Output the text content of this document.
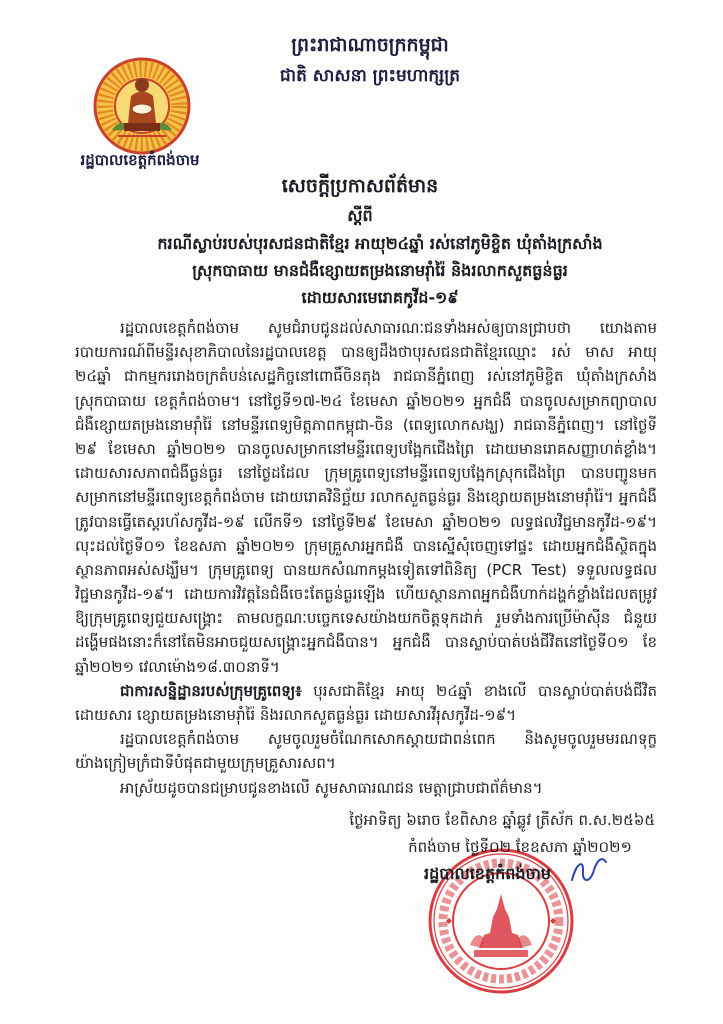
ព្រះរាជាណាចក្រកម្ពុជា
ជាតិ សាសនា ព្រះមហាក្សត្រ
រដ្ឋបាលខេត្តកំពង់ចាម
សេចក្តីប្រកាសព័ត៌មាន
ស្តីពី
ករណីស្លាប់របស់បុរសជនជាតិខ្មែរ អាយុ២៤ឆ្នាំ រស់នៅភូមិខ្ចិត ឃុំតាំងក្រសាំង
ស្រុកបាធាយ មានជំងឺខ្សោយតម្រងនោមរ៉ាំរ៉ៃ និងរលាកសួតធ្ងន់ធ្ងរ
ដោយសារមេរោគកូវីដ-១៩
រដ្ឋបាលខេត្តកំពង់ចាម សូមជំរាបជូនដល់សាធារណៈជនទាំងអស់ឲ្យបានជ្រាបថា យោងតាម
របាយការណ៍ពីមន្ទីរសុខាភិបាលនៃរដ្ឋបាលខេត្ត បានឲ្យដឹងថាបុរសជនជាតិខ្មែរឈ្មោះ រស់ មាស អាយុ
២៤ឆ្នាំ ជាកម្មកររោងចក្រតំបន់សេដ្ឋកិច្ចនៅពោធិ៍ចិនតុង រាជធានីភ្នំពេញ រស់នៅភូមិខ្ចិត ឃុំតាំងក្រសាំង
ស្រុកបាធាយ ខេត្តកំពង់ចាម។ នៅថ្ងៃទី១៧-២៤ ខែមេសា ឆ្នាំ២០២១ អ្នកជំងឺ បានចូលសម្រាកព្យាបាល
ជំងឺខ្សោយតម្រងនោមរ៉ាំរ៉ៃ នៅមន្ទីរពេទ្យមិត្តភាពកម្ពុជា-ចិន (ពេទ្យលោកសង្ឃ) រាជធានីភ្នំពេញ។ នៅថ្ងៃទី
២៩ ខែមេសា ឆ្នាំ២០២១ បានចូលសម្រាកនៅមន្ទីរពេទ្យបង្អែកជើងព្រៃ ដោយមានរោគសញ្ញាហត់ខ្លាំង។
ដោយសារសភាពជំងឺធ្ងន់ធ្ងរ នៅថ្ងៃដដែល ក្រុមគ្រូពេទ្យនៅមន្ទីរពេទ្យបង្អែកស្រុកជើងព្រៃ បានបញ្ជូនមក
សម្រាកនៅមន្ទីរពេទ្យខេត្តកំពង់ចាម ដោយរោគវិនិច្ឆ័យ រលាកសួតធ្ងន់ធ្ងរ និងខ្សោយតម្រងនោមរ៉ាំរ៉ៃ។ អ្នកជំងឺ
ត្រូវបានធ្វើតេស្តរហ័សកូវីដ-១៩ លើកទី១ នៅថ្ងៃទី២៩ ខែមេសា ឆ្នាំ២០២១ លទ្ធផលវិជ្ជមានកូវីដ-១៩។
លុះដល់ថ្ងៃទី០១ ខែឧសភា ឆ្នាំ២០២១ ក្រុមគ្រួសារអ្នកជំងឺ បានស្នើសុំចេញទៅផ្ទះ ដោយអ្នកជំងឺស្ថិតក្នុង
ស្ថានភាពអស់សង្ឃឹម។ ក្រុមគ្រូពេទ្យ បានយកសំណាកម្តងទៀតទៅពិនិត្យ (PCR Test) ទទួលលទ្ធផល
វិជ្ជមានកូវីដ-១៩។ ដោយការវិវត្តនៃជំងឺចេះតែធ្ងន់ធ្ងរឡើង ហើយស្ថានភាពអ្នកជំងឺហាក់ដង្ហក់ខ្លាំងដែលតម្រូវ
ឱ្យក្រុមគ្រូពេទ្យជួយសង្គ្រោះ តាមលក្ខណៈបច្ចេកទេសយ៉ាងយកចិត្តទុកដាក់ រួមទាំងការប្រើម៉ាស៊ីន ជំនួយ
ដង្ហើមផងនោះក៏នៅតែមិនអាចជួយសង្គ្រោះអ្នកជំងឺបាន។ អ្នកជំងឺ បានស្លាប់បាត់បង់ជីវិតនៅថ្ងៃទី០១ ខែ
ឆ្នាំ២០២១ វេលាម៉ោង១៨.៣០នាទី។
ជាការសន្និដ្ឋានរបស់ក្រុមគ្រូពេទ្យ៖ បុរសជាតិខ្មែរ អាយុ ២៤ឆ្នាំ ខាងលើ បានស្លាប់បាត់បង់ជីវិត
ដោយសារ ខ្សោយតម្រងនោមរ៉ាំរ៉ៃ និងរលាកសួតធ្ងន់ធ្ងរ ដោយសារវីរុសកូវីដ-១៩។
រដ្ឋបាលខេត្តកំពង់ចាម សូមចូលរួមចំណែកសោកស្តាយជាពន់ពេក និងសូមចូលរួមមរណទុក្ខ
យ៉ាងក្រៀមក្រំជាទីបំផុតជាមួយក្រុមគ្រួសារសព។
អាស្រ័យដូចបានជម្រាបជូនខាងលើ សូមសាធារណជន មេត្តាជ្រាបជាព័ត៌មាន។
ថ្ងៃអាទិត្យ ៦រោច ខែពិសាខ ឆ្នាំឆ្លូវ ត្រីស័ក ព.ស.២៥៦៥
កំពង់ចាម ថ្ងៃទី០២ ខែឧសភា ឆ្នាំ២០២១
រដ្ឋបាលខេត្តកំពង់ចាម
